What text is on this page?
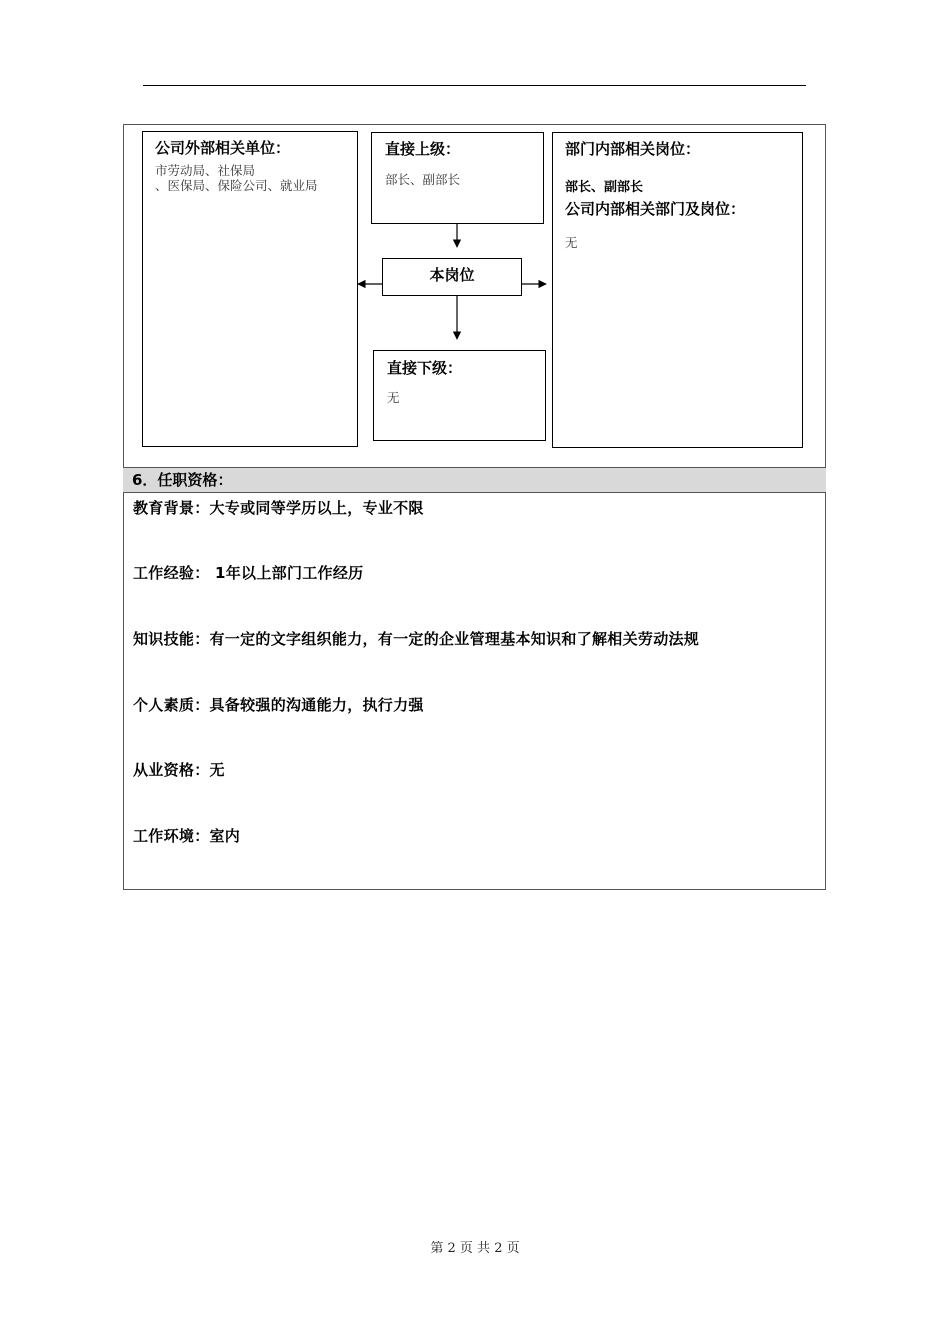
公司外部相关单位：
市劳动局、社保局
、医保局、保险公司、就业局
直接上级：
部长、副部长
本岗位
直接下级：
无
部门内部相关岗位：
部长、副部长
公司内部相关部门及岗位：
无
6．任职资格：
教育背景：大专或同等学历以上，专业不限
工作经验： 1年以上部门工作经历
知识技能：有一定的文字组织能力，有一定的企业管理基本知识和了解相关劳动法规
个人素质：具备较强的沟通能力，执行力强
从业资格：无
工作环境：室内
第 2 页 共 2 页
